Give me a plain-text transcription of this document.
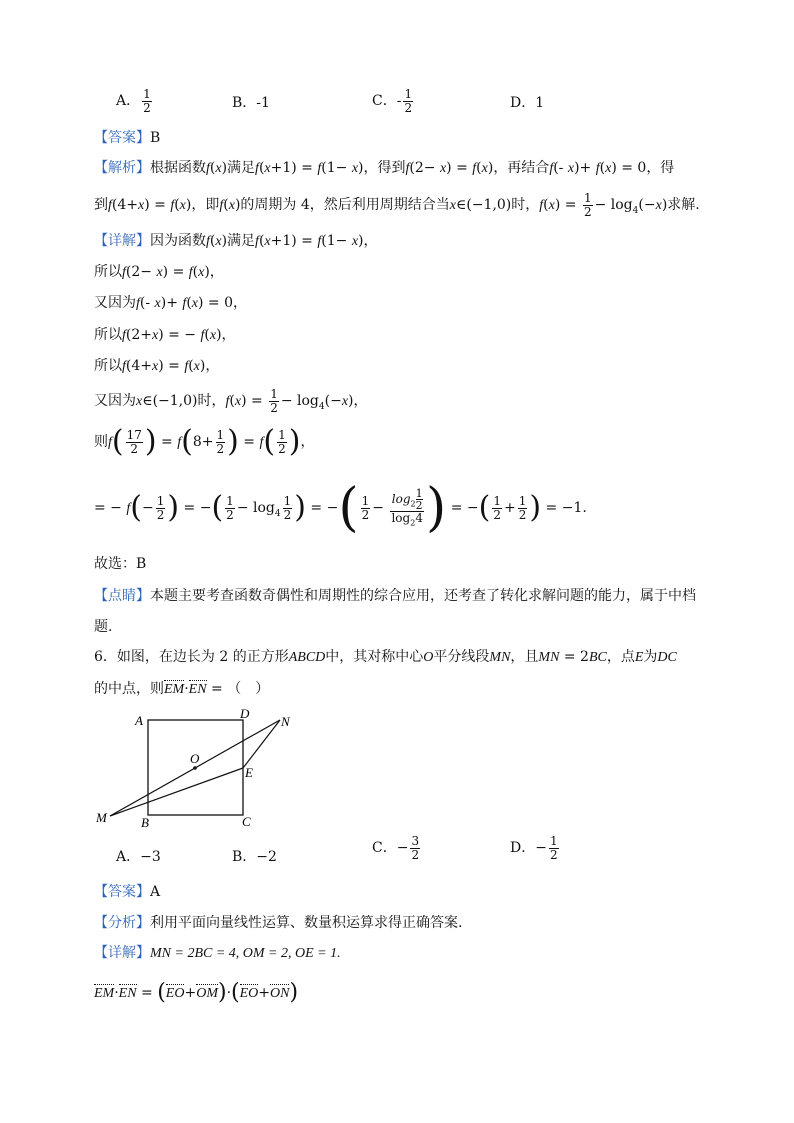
A． $\frac{1}{2}$	B．-1	C．- $\frac{1}{2}$	D．1
【答案】B
【解析】根据函数f(x)满足f(x+1) = f(1− x)，得到f(2− x) = f(x)，再结合f(- x)+ f(x) = 0，得
到f(4+x) = f(x)，即f(x)的周期为 4，然后利用周期结合当x∈(−1,0)时，$f(x) = \frac{1}{2} - \log_4(-x)$求解.
【详解】因为函数f(x)满足f(x+1) = f(1− x)，
所以f(2− x) = f(x)，
又因为f(- x)+ f(x) = 0，
所以f(2+x) = − f(x)，
所以f(4+x) = f(x)，
又因为x∈(−1,0)时，$f(x) = \frac{1}{2} - \log_4(-x)$，
则$f( \frac{17}{2}$ ) = $f(8+ \frac{1}{2}$ ) = $f( \frac{1}{2}$ )，
= − $f(- \frac{1}{2}$ ) = −( $\frac{1}{2} - \log_4 \frac{1}{2}$ ) = −( $\frac{1}{2} - \frac{\log_2 \frac{1}{2}}{\log_24}$ ) = −( $\frac{1}{2} + \frac{1}{2}$ ) = −1.
故选：B
【点睛】本题主要考查函数奇偶性和周期性的综合应用，还考查了转化求解问题的能力，属于中档
题.
6．如图，在边长为 2 的正方形ABCD中，其对称中心O平分线段MN，且MN = 2BC，点E为DC
的中点，则EM·EN = （　）
A	D
N
O
E
M	B	C
A．−3	B．−2
C．− $\frac{3}{2}$	D．− $\frac{1}{2}$
【答案】A
【分析】利用平面向量线性运算、数量积运算求得正确答案.
【详解】MN = 2BC = 4, OM = 2, OE = 1.
EM·EN = (EO+OM)·(EO+ON)
